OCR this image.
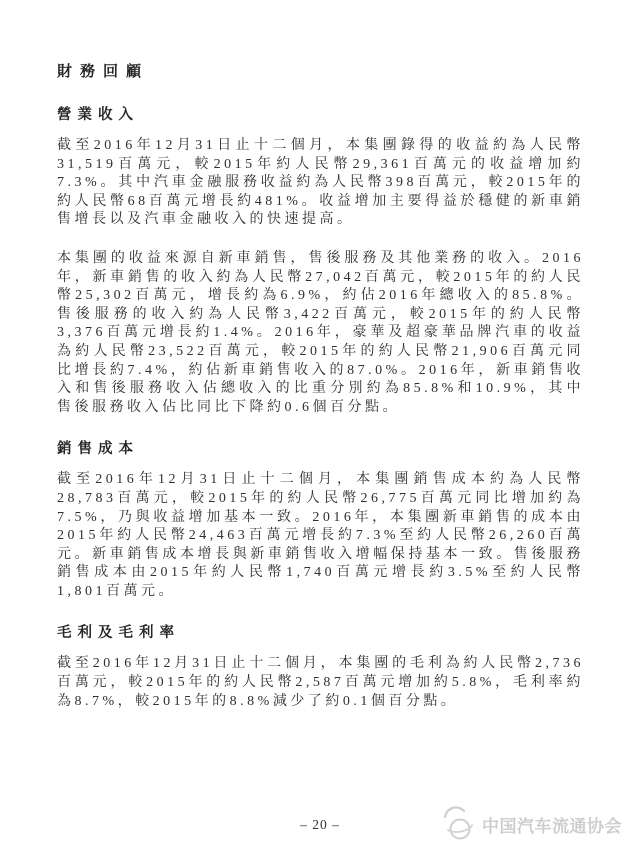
財務回顧
營業收入

截至2016年12月31日止十二個月，本集團錄得的收益約為人民幣31,519百萬元，較2015年約人民幣29,361百萬元的收益增加約7.3%。其中汽車金融服務收益約為人民幣398百萬元，較2015年的約人民幣68百萬元增長約481%。收益增加主要得益於穩健的新車銷售增長以及汽車金融收入的快速提高。

本集團的收益來源自新車銷售，售後服務及其他業務的收入。2016年，新車銷售的收入約為人民幣27,042百萬元，較2015年的約人民幣25,302百萬元，增長約為6.9%，約佔2016年總收入的85.8%。售後服務的收入約為人民幣3,422百萬元，較2015年的約人民幣3,376百萬元增長約1.4%。2016年，豪華及超豪華品牌汽車的收益為約人民幣23,522百萬元，較2015年的約人民幣21,906百萬元同比增長約7.4%，約佔新車銷售收入的87.0%。2016年，新車銷售收入和售後服務收入佔總收入的比重分別約為85.8%和10.9%，其中售後服務收入佔比同比下降約0.6個百分點。

銷售成本

截至2016年12月31日止十二個月，本集團銷售成本約為人民幣28,783百萬元，較2015年的約人民幣26,775百萬元同比增加約為7.5%，乃與收益增加基本一致。2016年，本集團新車銷售的成本由2015年約人民幣24,463百萬元增長約7.3%至約人民幣26,260百萬元。新車銷售成本增長與新車銷售收入增幅保持基本一致。售後服務銷售成本由2015年約人民幣1,740百萬元增長約3.5%至約人民幣1,801百萬元。

毛利及毛利率

截至2016年12月31日止十二個月，本集團的毛利為約人民幣2,736百萬元，較2015年的約人民幣2,587百萬元增加約5.8%，毛利率約為8.7%，較2015年的8.8%減少了約0.1個百分點。

– 20 –	中国汽车流通协会
